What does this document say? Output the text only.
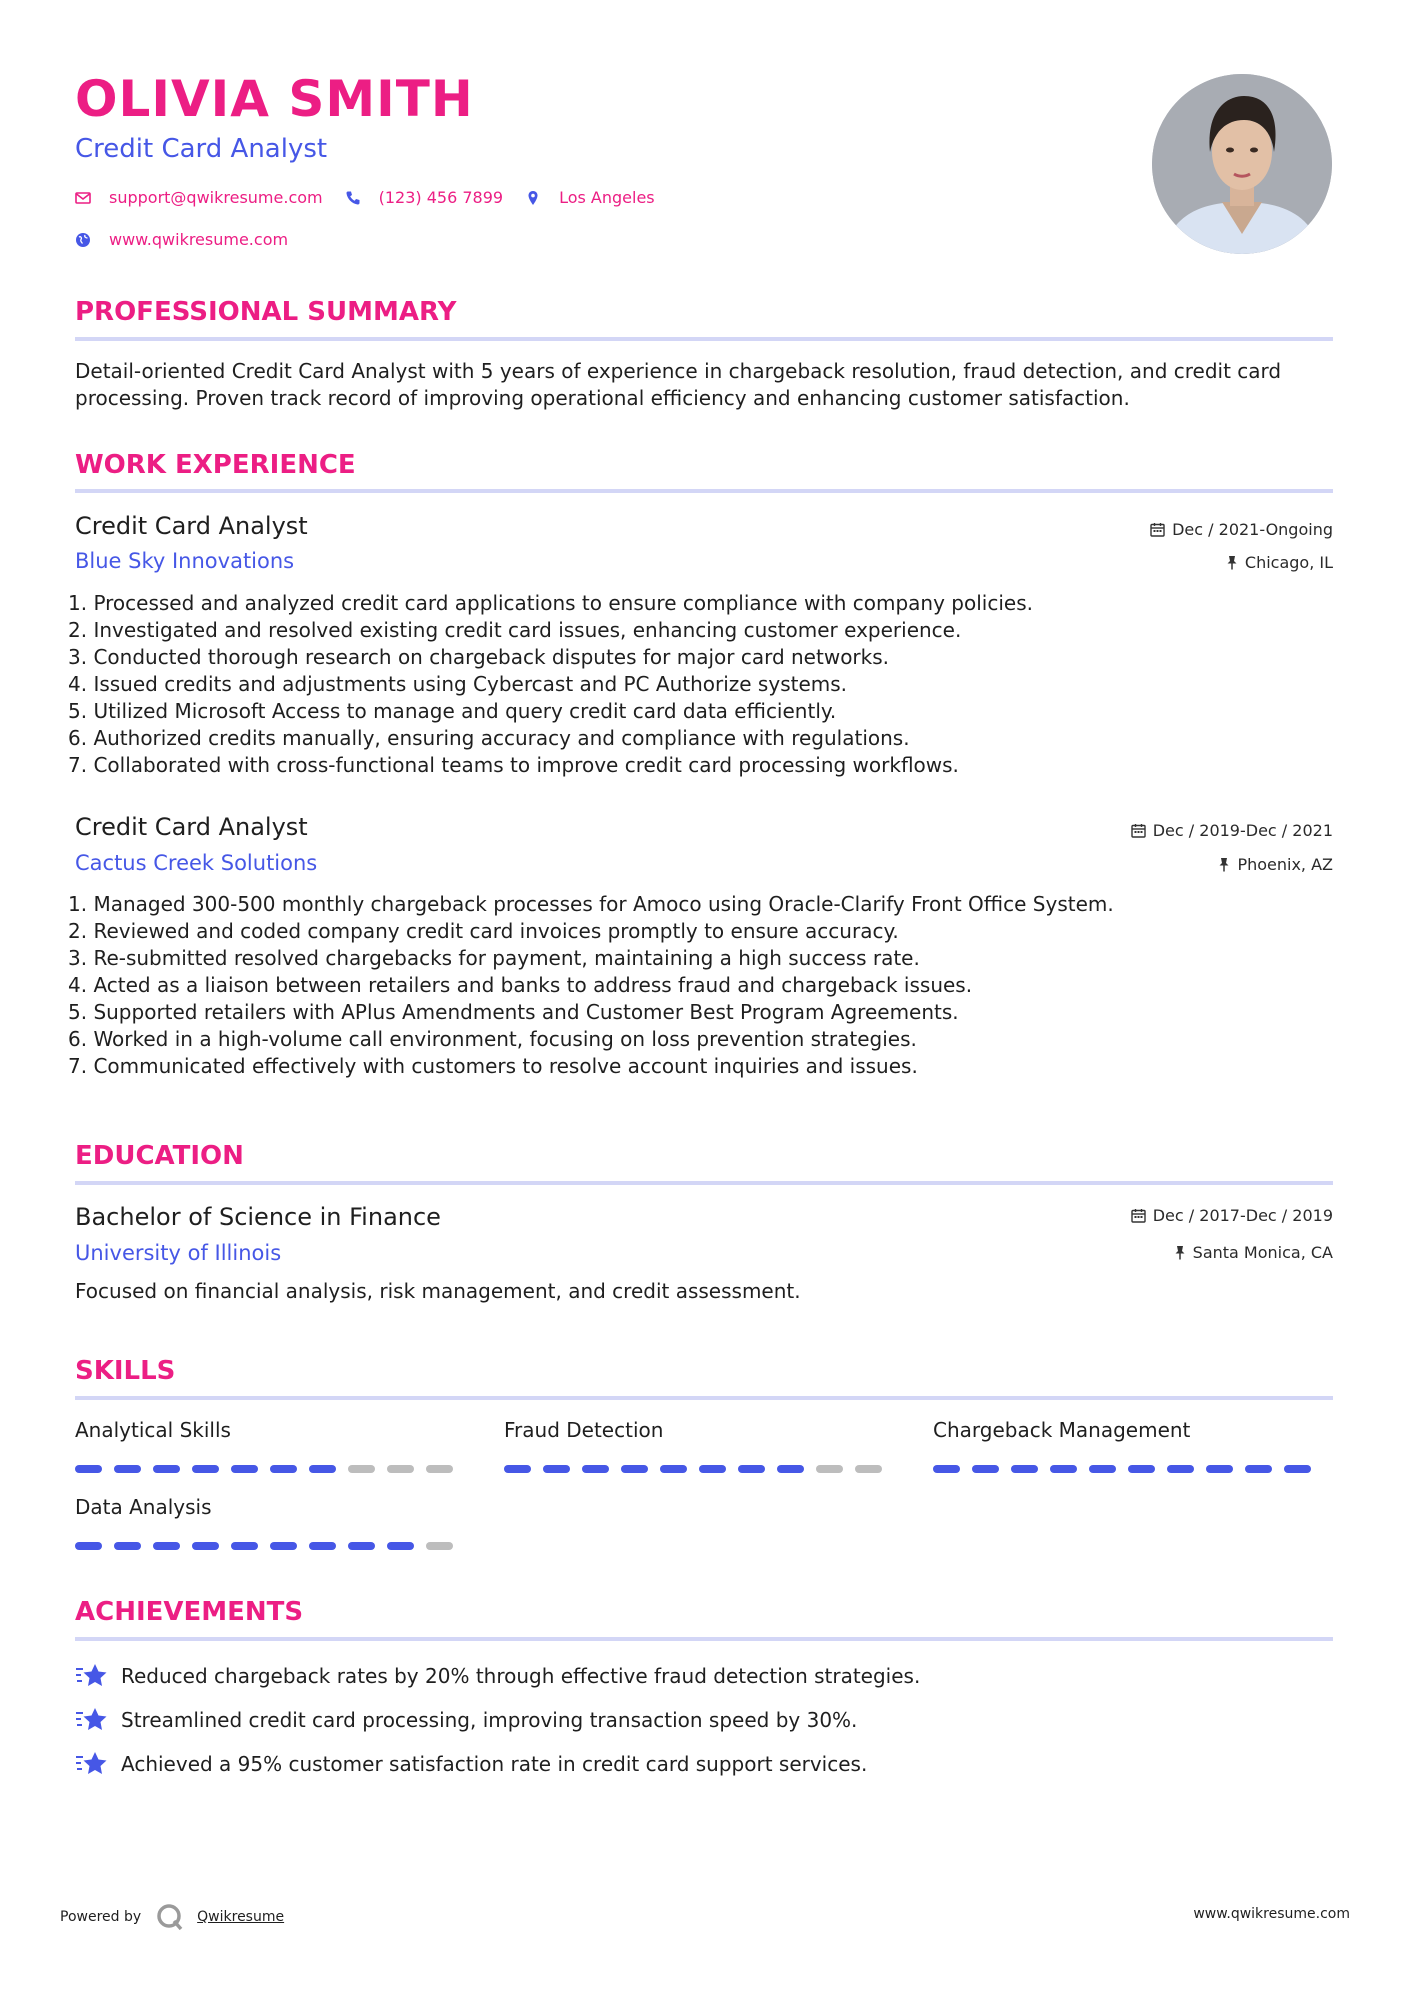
OLIVIA SMITH
Credit Card Analyst
support@qwikresume.com	(123) 456 7899	Los Angeles
www.qwikresume.com
PROFESSIONAL SUMMARY

Detail-oriented Credit Card Analyst with 5 years of experience in chargeback resolution, fraud detection, and credit card processing. Proven track record of improving operational efficiency and enhancing customer satisfaction.

WORK EXPERIENCE
Credit Card Analyst
Blue Sky Innovations
Dec / 2021-Ongoing
Chicago, IL
1. Processed and analyzed credit card applications to ensure compliance with company policies.
2. Investigated and resolved existing credit card issues, enhancing customer experience.
3. Conducted thorough research on chargeback disputes for major card networks.
4. Issued credits and adjustments using Cybercast and PC Authorize systems.
5. Utilized Microsoft Access to manage and query credit card data efficiently.
6. Authorized credits manually, ensuring accuracy and compliance with regulations.
7. Collaborated with cross-functional teams to improve credit card processing workflows.
Credit Card Analyst
Cactus Creek Solutions
Dec / 2019-Dec / 2021
Phoenix, AZ
1. Managed 300-500 monthly chargeback processes for Amoco using Oracle-Clarify Front Office System.
2. Reviewed and coded company credit card invoices promptly to ensure accuracy.
3. Re-submitted resolved chargebacks for payment, maintaining a high success rate.
4. Acted as a liaison between retailers and banks to address fraud and chargeback issues.
5. Supported retailers with APlus Amendments and Customer Best Program Agreements.
6. Worked in a high-volume call environment, focusing on loss prevention strategies.
7. Communicated effectively with customers to resolve account inquiries and issues.
EDUCATION
Bachelor of Science in Finance
University of Illinois
Dec / 2017-Dec / 2019
Santa Monica, CA

Focused on financial analysis, risk management, and credit assessment.

SKILLS
Analytical Skills	Fraud Detection	Chargeback Management
Data Analysis
ACHIEVEMENTS
Reduced chargeback rates by 20% through effective fraud detection strategies.
Streamlined credit card processing, improving transaction speed by 30%.
Achieved a 95% customer satisfaction rate in credit card support services.
Powered by	Qwikresume	www.qwikresume.com
